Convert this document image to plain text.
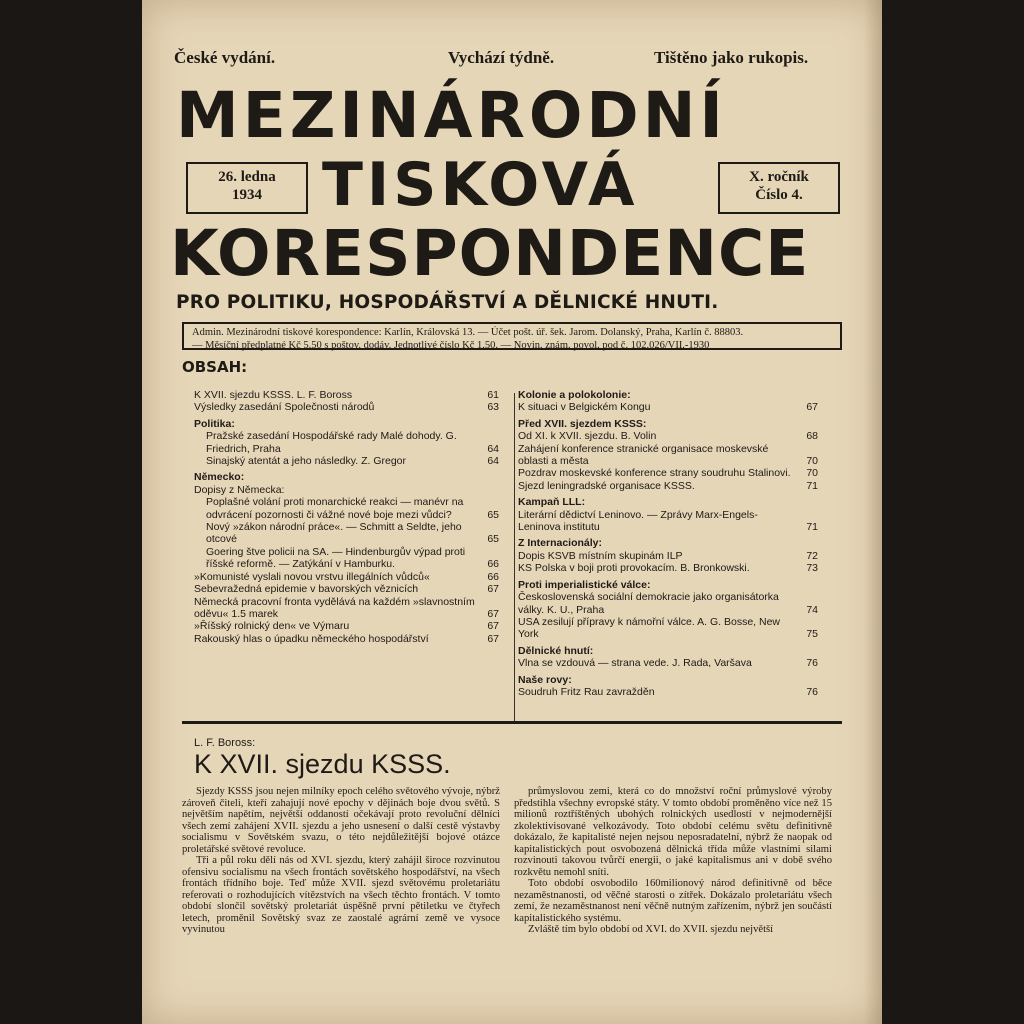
České vydání.	Vychází týdně.	Tištěno jako rukopis.
MEZINÁRODNÍ
TISKOVÁ
KORESPONDENCE
26. ledna
1934
X. ročník
Číslo 4.
PRO POLITIKU, HOSPODÁŘSTVÍ A DĚLNICKÉ HNUTI.
Admin. Mezinárodní tiskové korespondence: Karlín, Královská 13. — Účet pošt. úř. šek. Jarom. Dolanský, Praha, Karlín č. 88803.
— Měsíční předplatné Kč 5.50 s poštov. dodáv. Jednotlivé číslo Kč 1.50. — Novin. znám. povol. pod č. 102.026/VII.-1930
OBSAH:
K XVII. sjezdu KSSS. L. F. Boross	61
Výsledky zasedání Společnosti národů	63
Politika:
Pražské zasedání Hospodářské rady Malé dohody. G. Friedrich, Praha	64
Sinajský atentát a jeho následky. Z. Gregor	64
Německo:
Dopisy z Německa:
Poplašné volání proti monarchické reakci — manévr na odvrácení pozornosti či vážné nové boje mezi vůdci?	65
Nový »zákon národní práce«. — Schmitt a Seldte, jeho otcové	65
Goering štve policii na SA. — Hindenburgův výpad proti říšské reformě. — Zatýkání v Hamburku.	66
»Komunisté vyslali novou vrstvu illegálních vůdců«	66
Sebevražedná epidemie v bavorských věznicích	67
Německá pracovní fronta vydělává na každém »slavnostním oděvu« 1.5 marek	67
»Říšský rolnický den« ve Výmaru	67
Rakouský hlas o úpadku německého hospodářství	67
Kolonie a polokolonie:
K situaci v Belgickém Kongu	67
Před XVII. sjezdem KSSS:
Od XI. k XVII. sjezdu. B. Volin	68
Zahájení konference stranické organisace moskevské oblasti a města	70
Pozdrav moskevské konference strany soudruhu Stalinovi. 70
Sjezd leningradské organisace KSSS.	71
Kampaň LLL:
Literární dědictví Leninovo. — Zprávy Marx-Engels-Leninova institutu	71
Z Internacionály:
Dopis KSVB místním skupinám ILP	72
KS Polska v boji proti provokacím. B. Bronkowski.	73
Proti imperialistické válce:
Československá sociální demokracie jako organisátorka války. K. U., Praha	74
USA zesilují přípravy k námořní válce. A. G. Bosse, New York	75
Dělnické hnutí:
Vlna se vzdouvá — strana vede. J. Rada, Varšava	76
Naše rovy:
Soudruh Fritz Rau zavražděn	76
L. F. Boross:
K XVII. sjezdu KSSS.

Sjezdy KSSS jsou nejen milníky epoch celého světového vývoje, nýbrž zároveň čiteli, kteří zahajují nové epochy v dějinách boje dvou světů. S největším napětím, největší oddaností očekávají proto revoluční dělníci všech zemí zahájení XVII. sjezdu a jeho usnesení o další cestě výstavby socialismu v Sovětském svazu, o této nejdůležitější bojové otázce proletářské světové revoluce.

Tři a půl roku dělí nás od XVI. sjezdu, který zahájil široce rozvinutou ofensivu socialismu na všech frontách sovětského hospodářství, na všech frontách třídního boje. Teď může XVII. sjezd světovému proletariátu referovati o rozhodujících vítězstvích na všech těchto frontách. V tomto období slončil sovětský proletariát úspěšně první pětiletku ve čtyřech letech, proměnil Sovětský svaz ze zaostalé agrární země ve vysoce vyvinutou

průmyslovou zemi, která co do množství roční průmyslové výroby předstihla všechny evropské státy. V tomto období proměněno více než 15 milionů roztříštěných ubohých rolnických usedlostí v nejmodernější zkolektivisované velkozávody. Toto období celému světu definitivně dokázalo, že kapitalisté nejen nejsou neposradatelní, nýbrž že naopak od kapitalistických pout osvobozená dělnická třída může vlastními silami rozvinouti takovou tvůrčí energii, o jaké kapitalismus ani v době svého rozkvětu nemohl sníti.

Toto období osvobodilo 160milionový národ definitivně od běce nezaměstnanosti, od věčné starosti o zítřek. Dokázalo proletariátu všech zemí, že nezaměstnanost není věčně nutným zařízením, nýbrž jen součástí kapitalistického systému.

Zvláště tím bylo období od XVI. do XVII. sjezdu největší
